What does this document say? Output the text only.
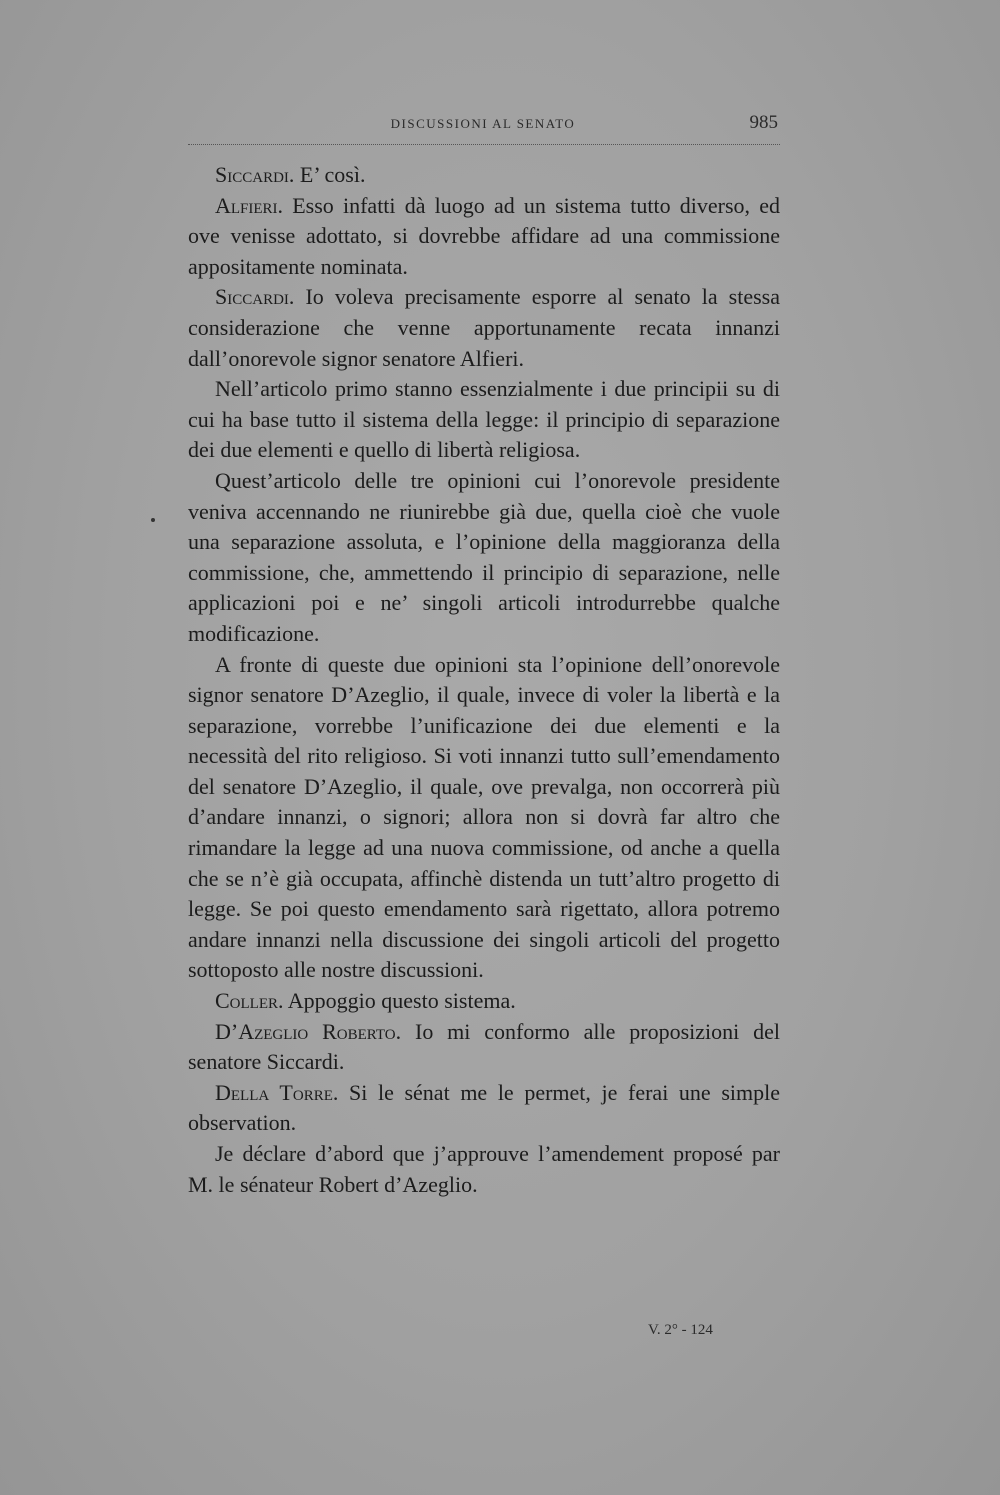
DISCUSSIONI AL SENATO	985

Siccardi. E’ così.

Alfieri. Esso infatti dà luogo ad un sistema tutto diverso, ed ove venisse adottato, si dovrebbe affidare ad una commissione appositamente nominata.

Siccardi. Io voleva precisamente esporre al senato la stessa considerazione che venne apportunamente recata innanzi dall’onorevole signor senatore Alfieri.

Nell’articolo primo stanno essenzialmente i due principii su di cui ha base tutto il sistema della legge: il principio di separazione dei due elementi e quello di libertà religiosa.

Quest’articolo delle tre opinioni cui l’onorevole presidente veniva accennando ne riunirebbe già due, quella cioè che vuole una separazione assoluta, e l’opinione della maggioranza della commissione, che, ammettendo il principio di separazione, nelle applicazioni poi e ne’ singoli articoli introdurrebbe qualche modificazione.

A fronte di queste due opinioni sta l’opinione dell’onorevole signor senatore D’Azeglio, il quale, invece di voler la libertà e la separazione, vorrebbe l’unificazione dei due elementi e la necessità del rito religioso. Si voti innanzi tutto sull’emendamento del senatore D’Azeglio, il quale, ove prevalga, non occorrerà più d’andare innanzi, o signori; allora non si dovrà far altro che rimandare la legge ad una nuova commissione, od anche a quella che se n’è già occupata, affinchè distenda un tutt’altro progetto di legge. Se poi questo emendamento sarà rigettato, allora potremo andare innanzi nella discussione dei singoli articoli del progetto sottoposto alle nostre discussioni.

Coller. Appoggio questo sistema.

D’Azeglio Roberto. Io mi conformo alle proposizioni del senatore Siccardi.

Della Torre. Si le sénat me le permet, je ferai une simple observation.

Je déclare d’abord que j’approuve l’amendement proposé par M. le sénateur Robert d’Azeglio.

V. 2° - 124
